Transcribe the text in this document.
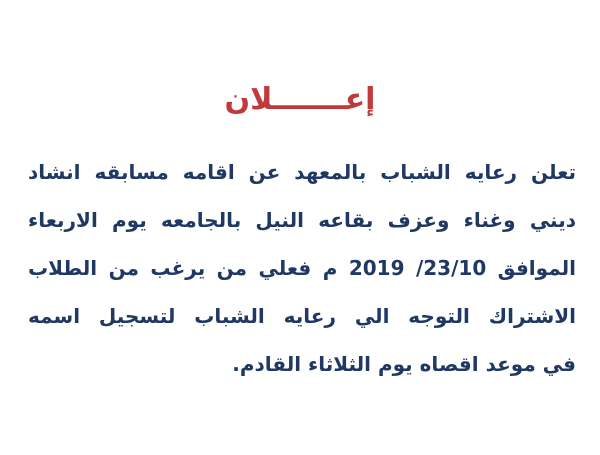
إعـــــــلان
تعلن رعايه الشباب بالمعهد عن اقامه مسابقه انشاد
ديني وغناء وعزف بقاعه النيل بالجامعه يوم الاربعاء
الموافق 23/10/ 2019 م فعلي من يرغب من الطلاب
الاشتراك التوجه الي رعايه الشباب لتسجيل اسمه
في موعد اقصاه يوم الثلاثاء القادم.
